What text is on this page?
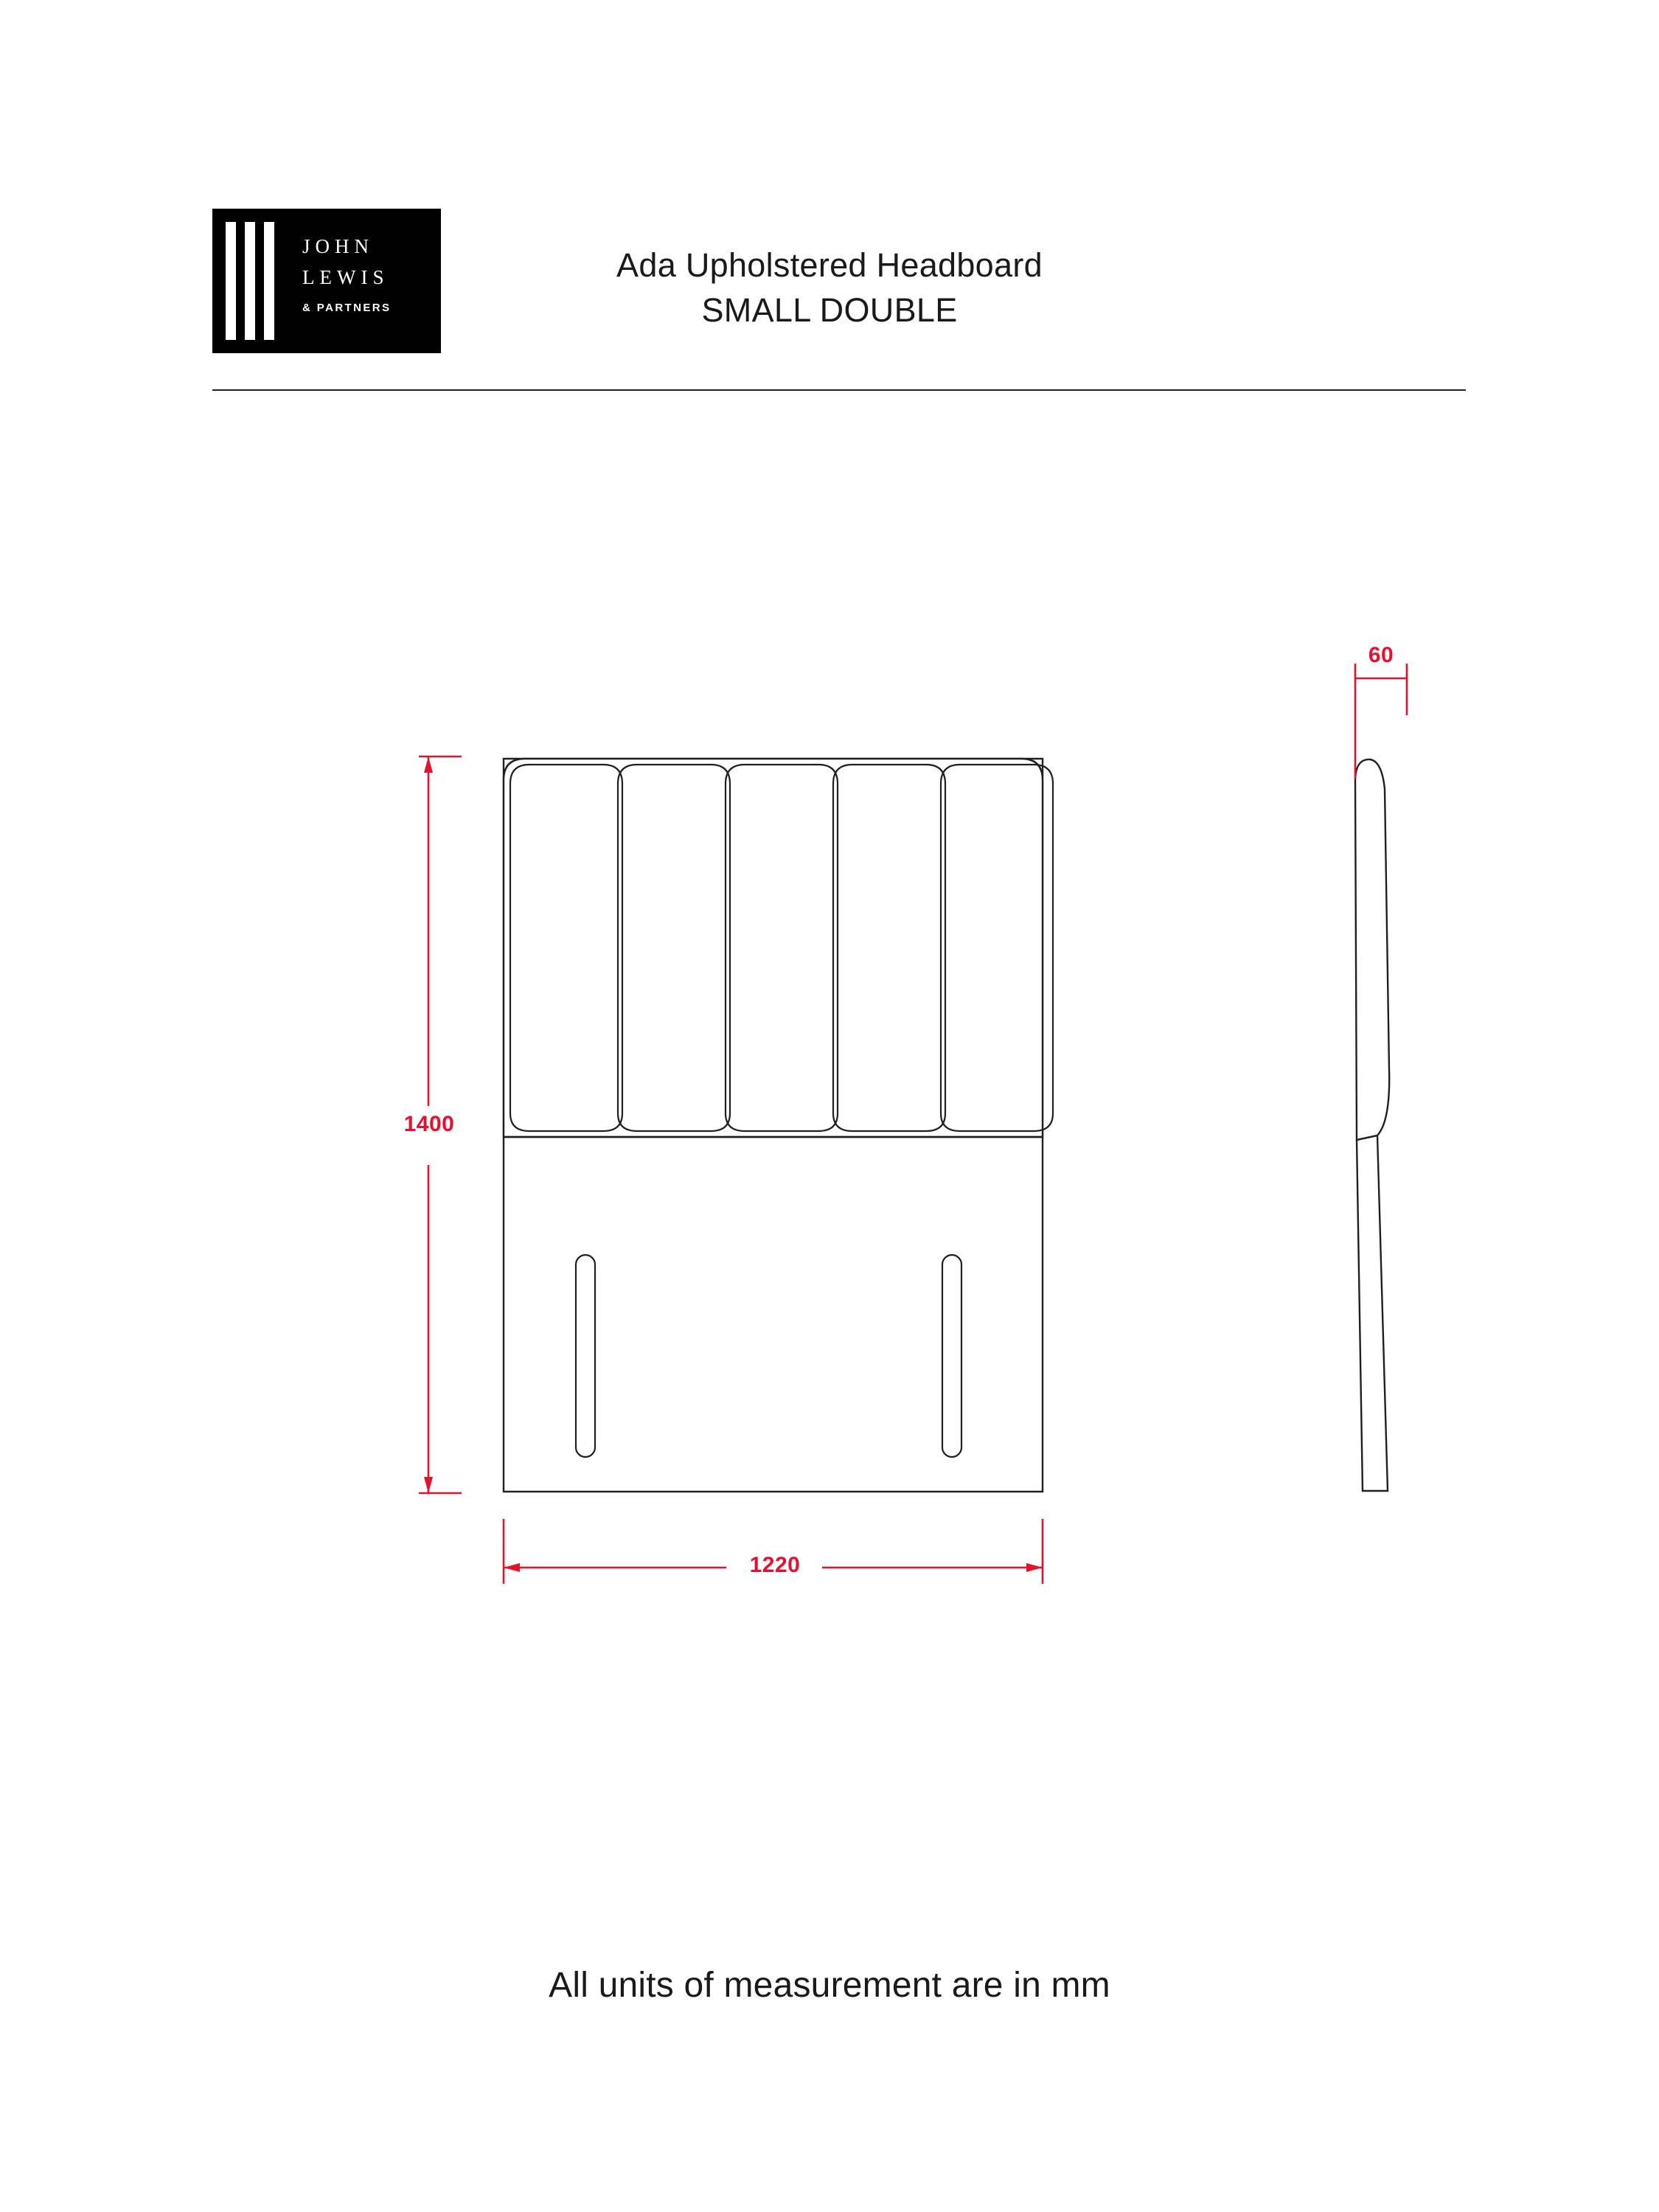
JOHN
LEWIS
& PARTNERS
Ada Upholstered Headboard
SMALL DOUBLE
1400
1220
60
All units of measurement are in mm
